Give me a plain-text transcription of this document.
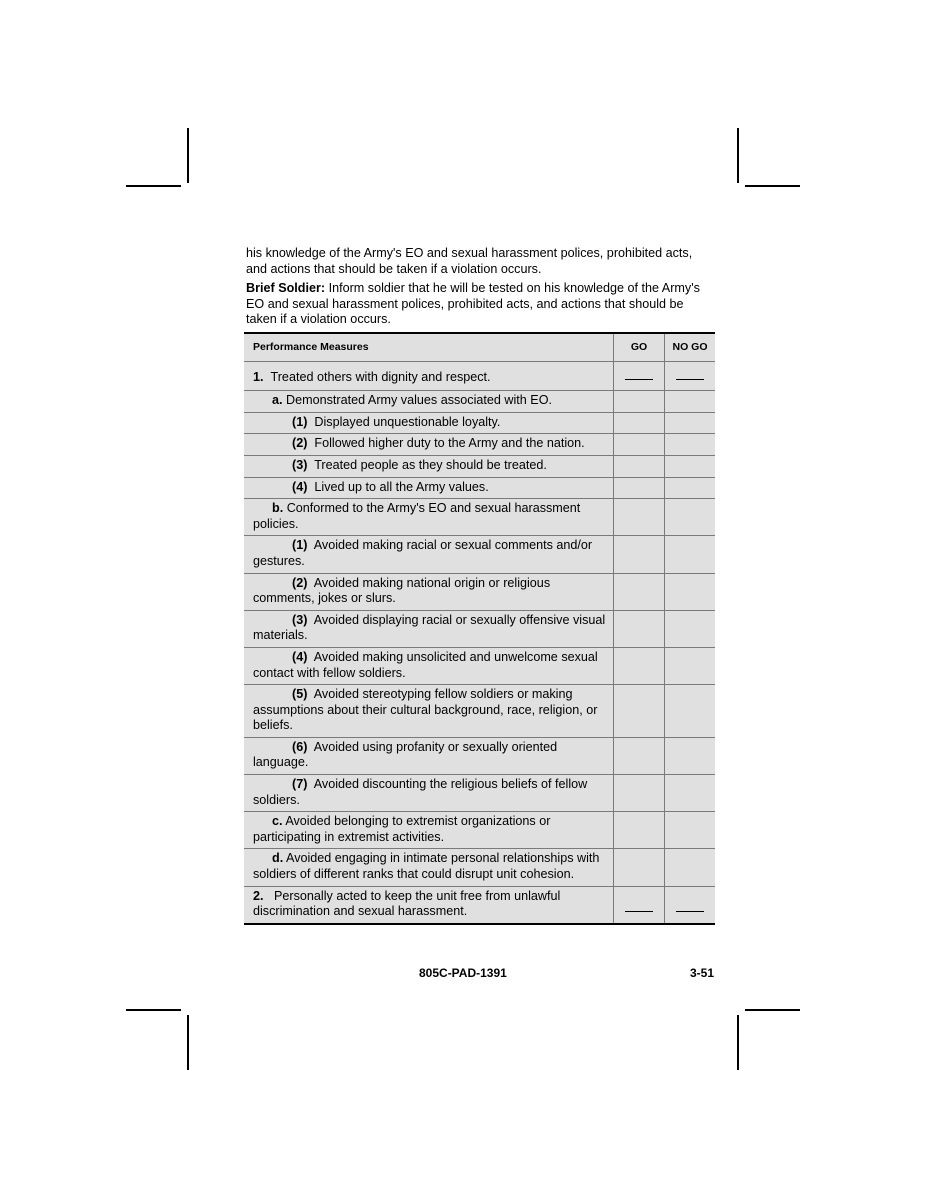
his knowledge of the Army's EO and sexual harassment polices, prohibited acts, and actions that should be taken if a violation occurs.

Brief Soldier: Inform soldier that he will be tested on his knowledge of the Army's EO and sexual harassment polices, prohibited acts, and actions that should be taken if a violation occurs.

Performance Measures	GO	NO GO
1. Treated others with dignity and respect.		
a. Demonstrated Army values associated with EO.		
(1) Displayed unquestionable loyalty.		
(2) Followed higher duty to the Army and the nation.		
(3) Treated people as they should be treated.		
(4) Lived up to all the Army values.		
b. Conformed to the Army's EO and sexual harassment policies.		
(1) Avoided making racial or sexual comments and/or gestures.		
(2) Avoided making national origin or religious comments, jokes or slurs.		
(3) Avoided displaying racial or sexually offensive visual materials.		
(4) Avoided making unsolicited and unwelcome sexual contact with fellow soldiers.		
(5) Avoided stereotyping fellow soldiers or making assumptions about their cultural background, race, religion, or beliefs.		
(6) Avoided using profanity or sexually oriented language.		
(7) Avoided discounting the religious beliefs of fellow soldiers.		
c. Avoided belonging to extremist organizations or participating in extremist activities.		
d. Avoided engaging in intimate personal relationships with soldiers of different ranks that could disrupt unit cohesion.		
2. Personally acted to keep the unit free from unlawful discrimination and sexual harassment.		
805C-PAD-1391	3-51
